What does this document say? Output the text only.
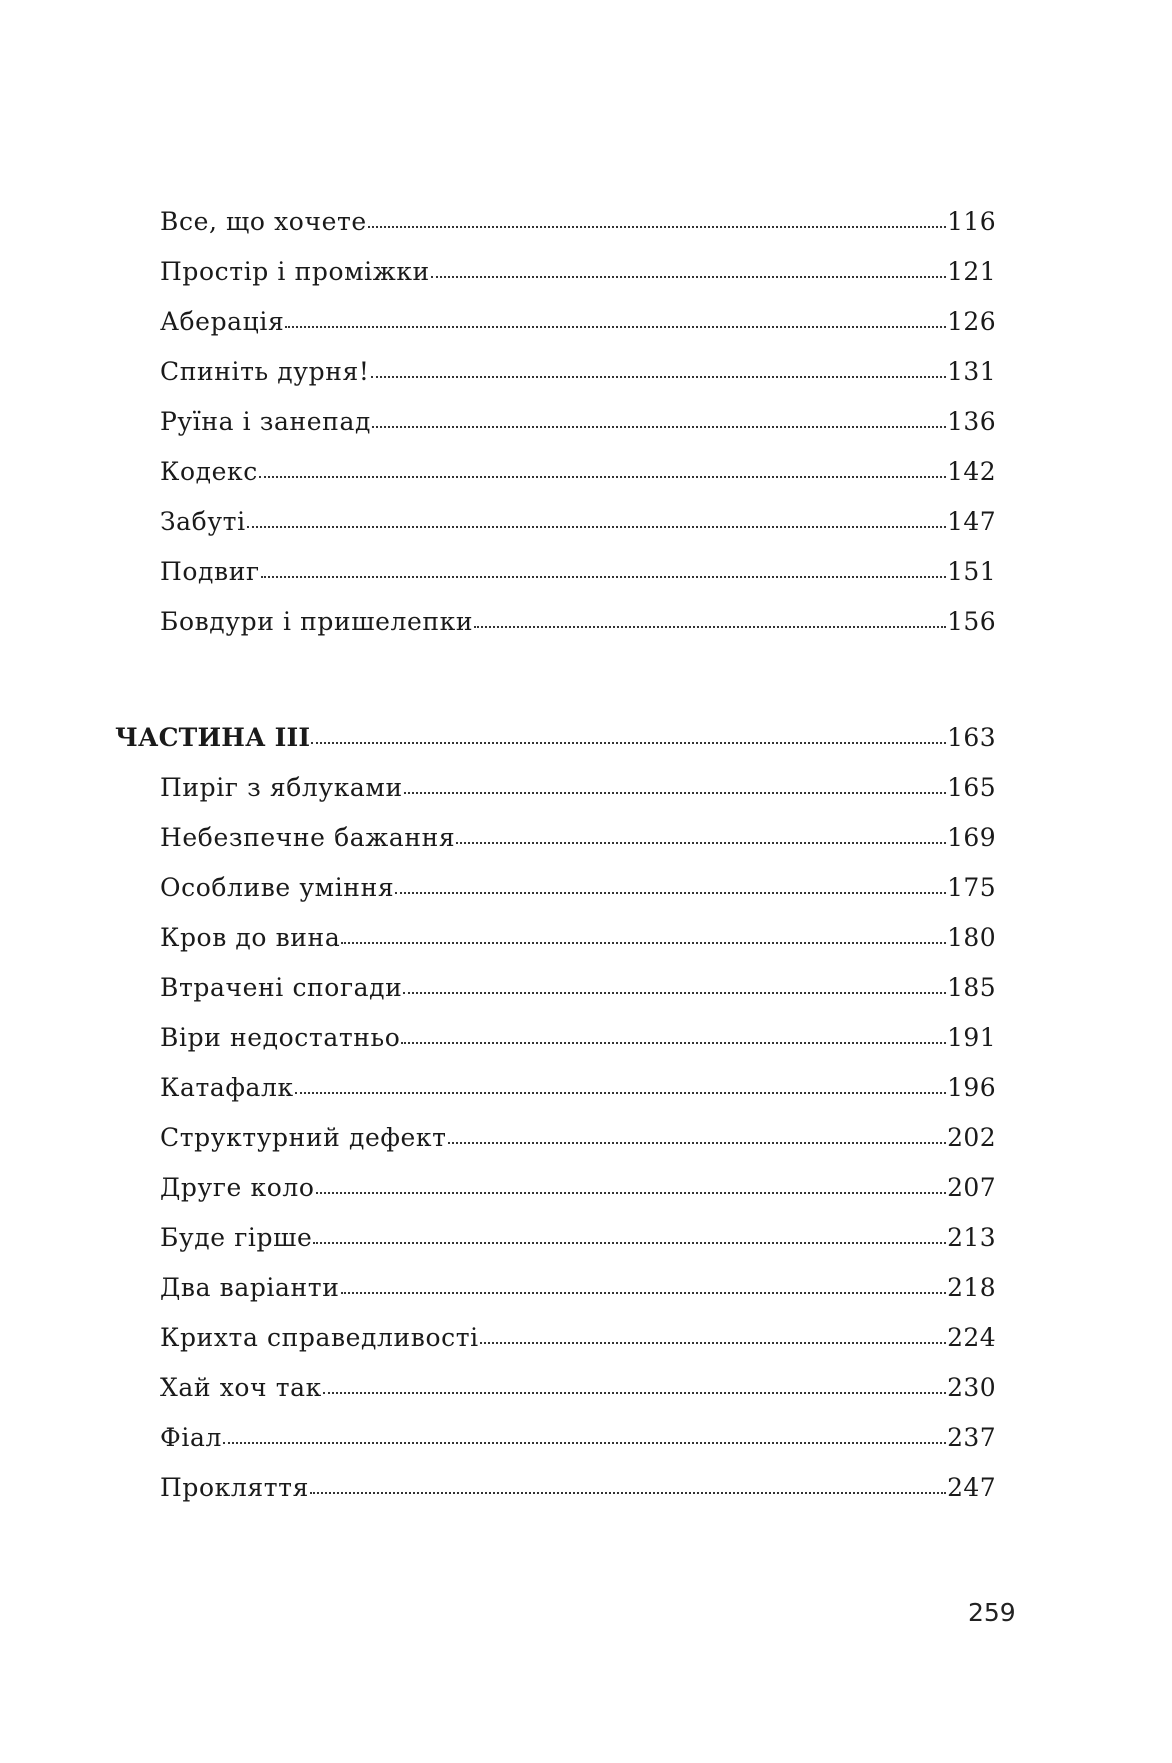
Все, що хочете	116
Простір і проміжки	121
Аберація	126
Спиніть дурня!	131
Руїна і занепад	136
Кодекс	142
Забуті	147
Подвиг	151
Бовдури і пришелепки	156
ЧАСТИНА III	163
Пиріг з яблуками	165
Небезпечне бажання	169
Особливе уміння	175
Кров до вина	180
Втрачені спогади	185
Віри недостатньо	191
Катафалк	196
Структурний дефект	202
Друге коло	207
Буде гірше	213
Два варіанти	218
Крихта справедливості	224
Хай хоч так	230
Фіал	237
Прокляття	247
259
